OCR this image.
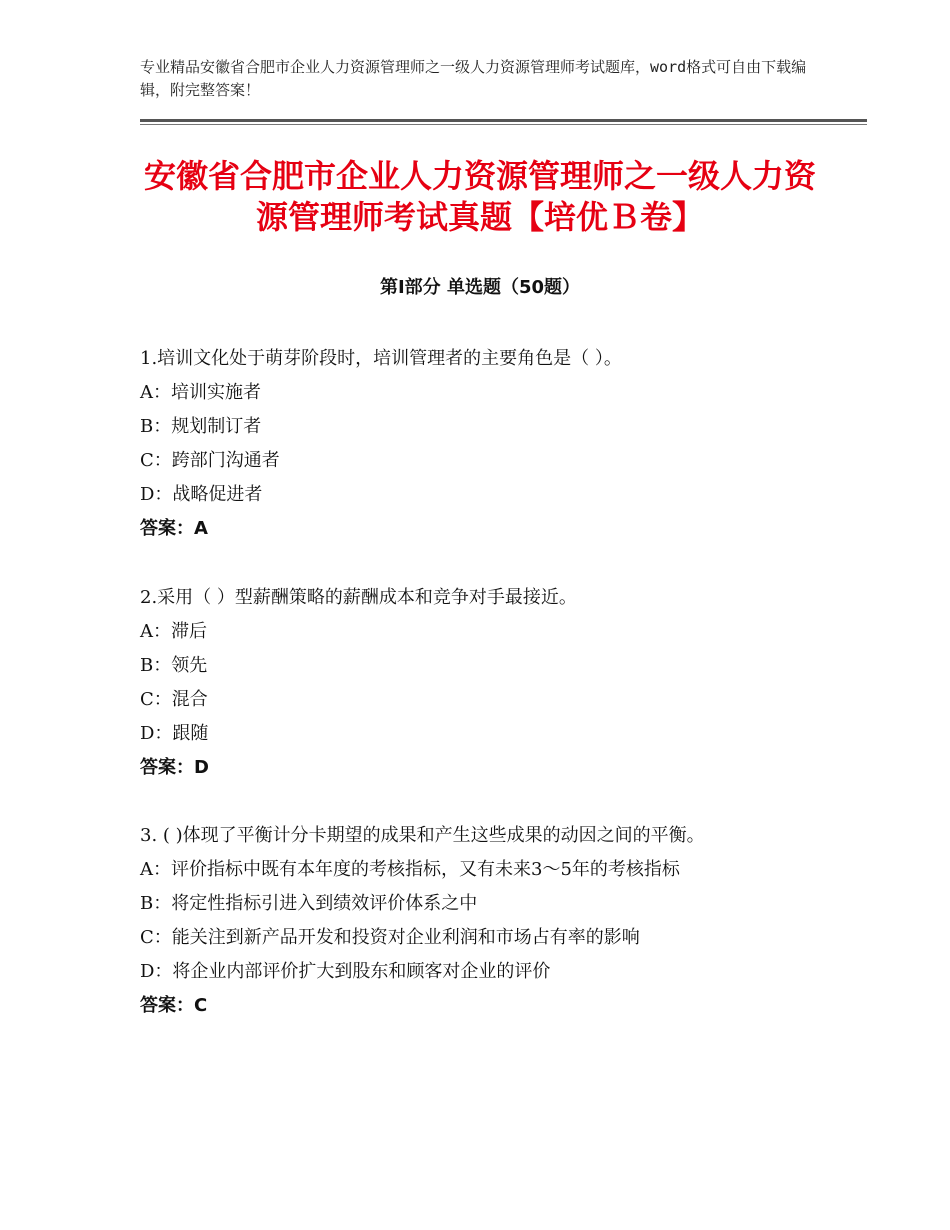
专业精品安徽省合肥市企业人力资源管理师之一级人力资源管理师考试题库，word格式可自由下载编辑，附完整答案！
安徽省合肥市企业人力资源管理师之一级人力资源管理师考试真题【培优Ｂ卷】
第Ⅰ部分 单选题（50题）

1.培训文化处于萌芽阶段时，培训管理者的主要角色是（ ）。

A：培训实施者

B：规划制订者

C：跨部门沟通者

D：战略促进者

答案：A

2.采用（ ）型薪酬策略的薪酬成本和竞争对手最接近。

A：滞后

B：领先

C：混合

D：跟随

答案：D

3. ( )体现了平衡计分卡期望的成果和产生这些成果的动因之间的平衡。

A：评价指标中既有本年度的考核指标，又有未来3～5年的考核指标

B：将定性指标引进入到绩效评价体系之中

C：能关注到新产品开发和投资对企业利润和市场占有率的影响

D：将企业内部评价扩大到股东和顾客对企业的评价

答案：C
